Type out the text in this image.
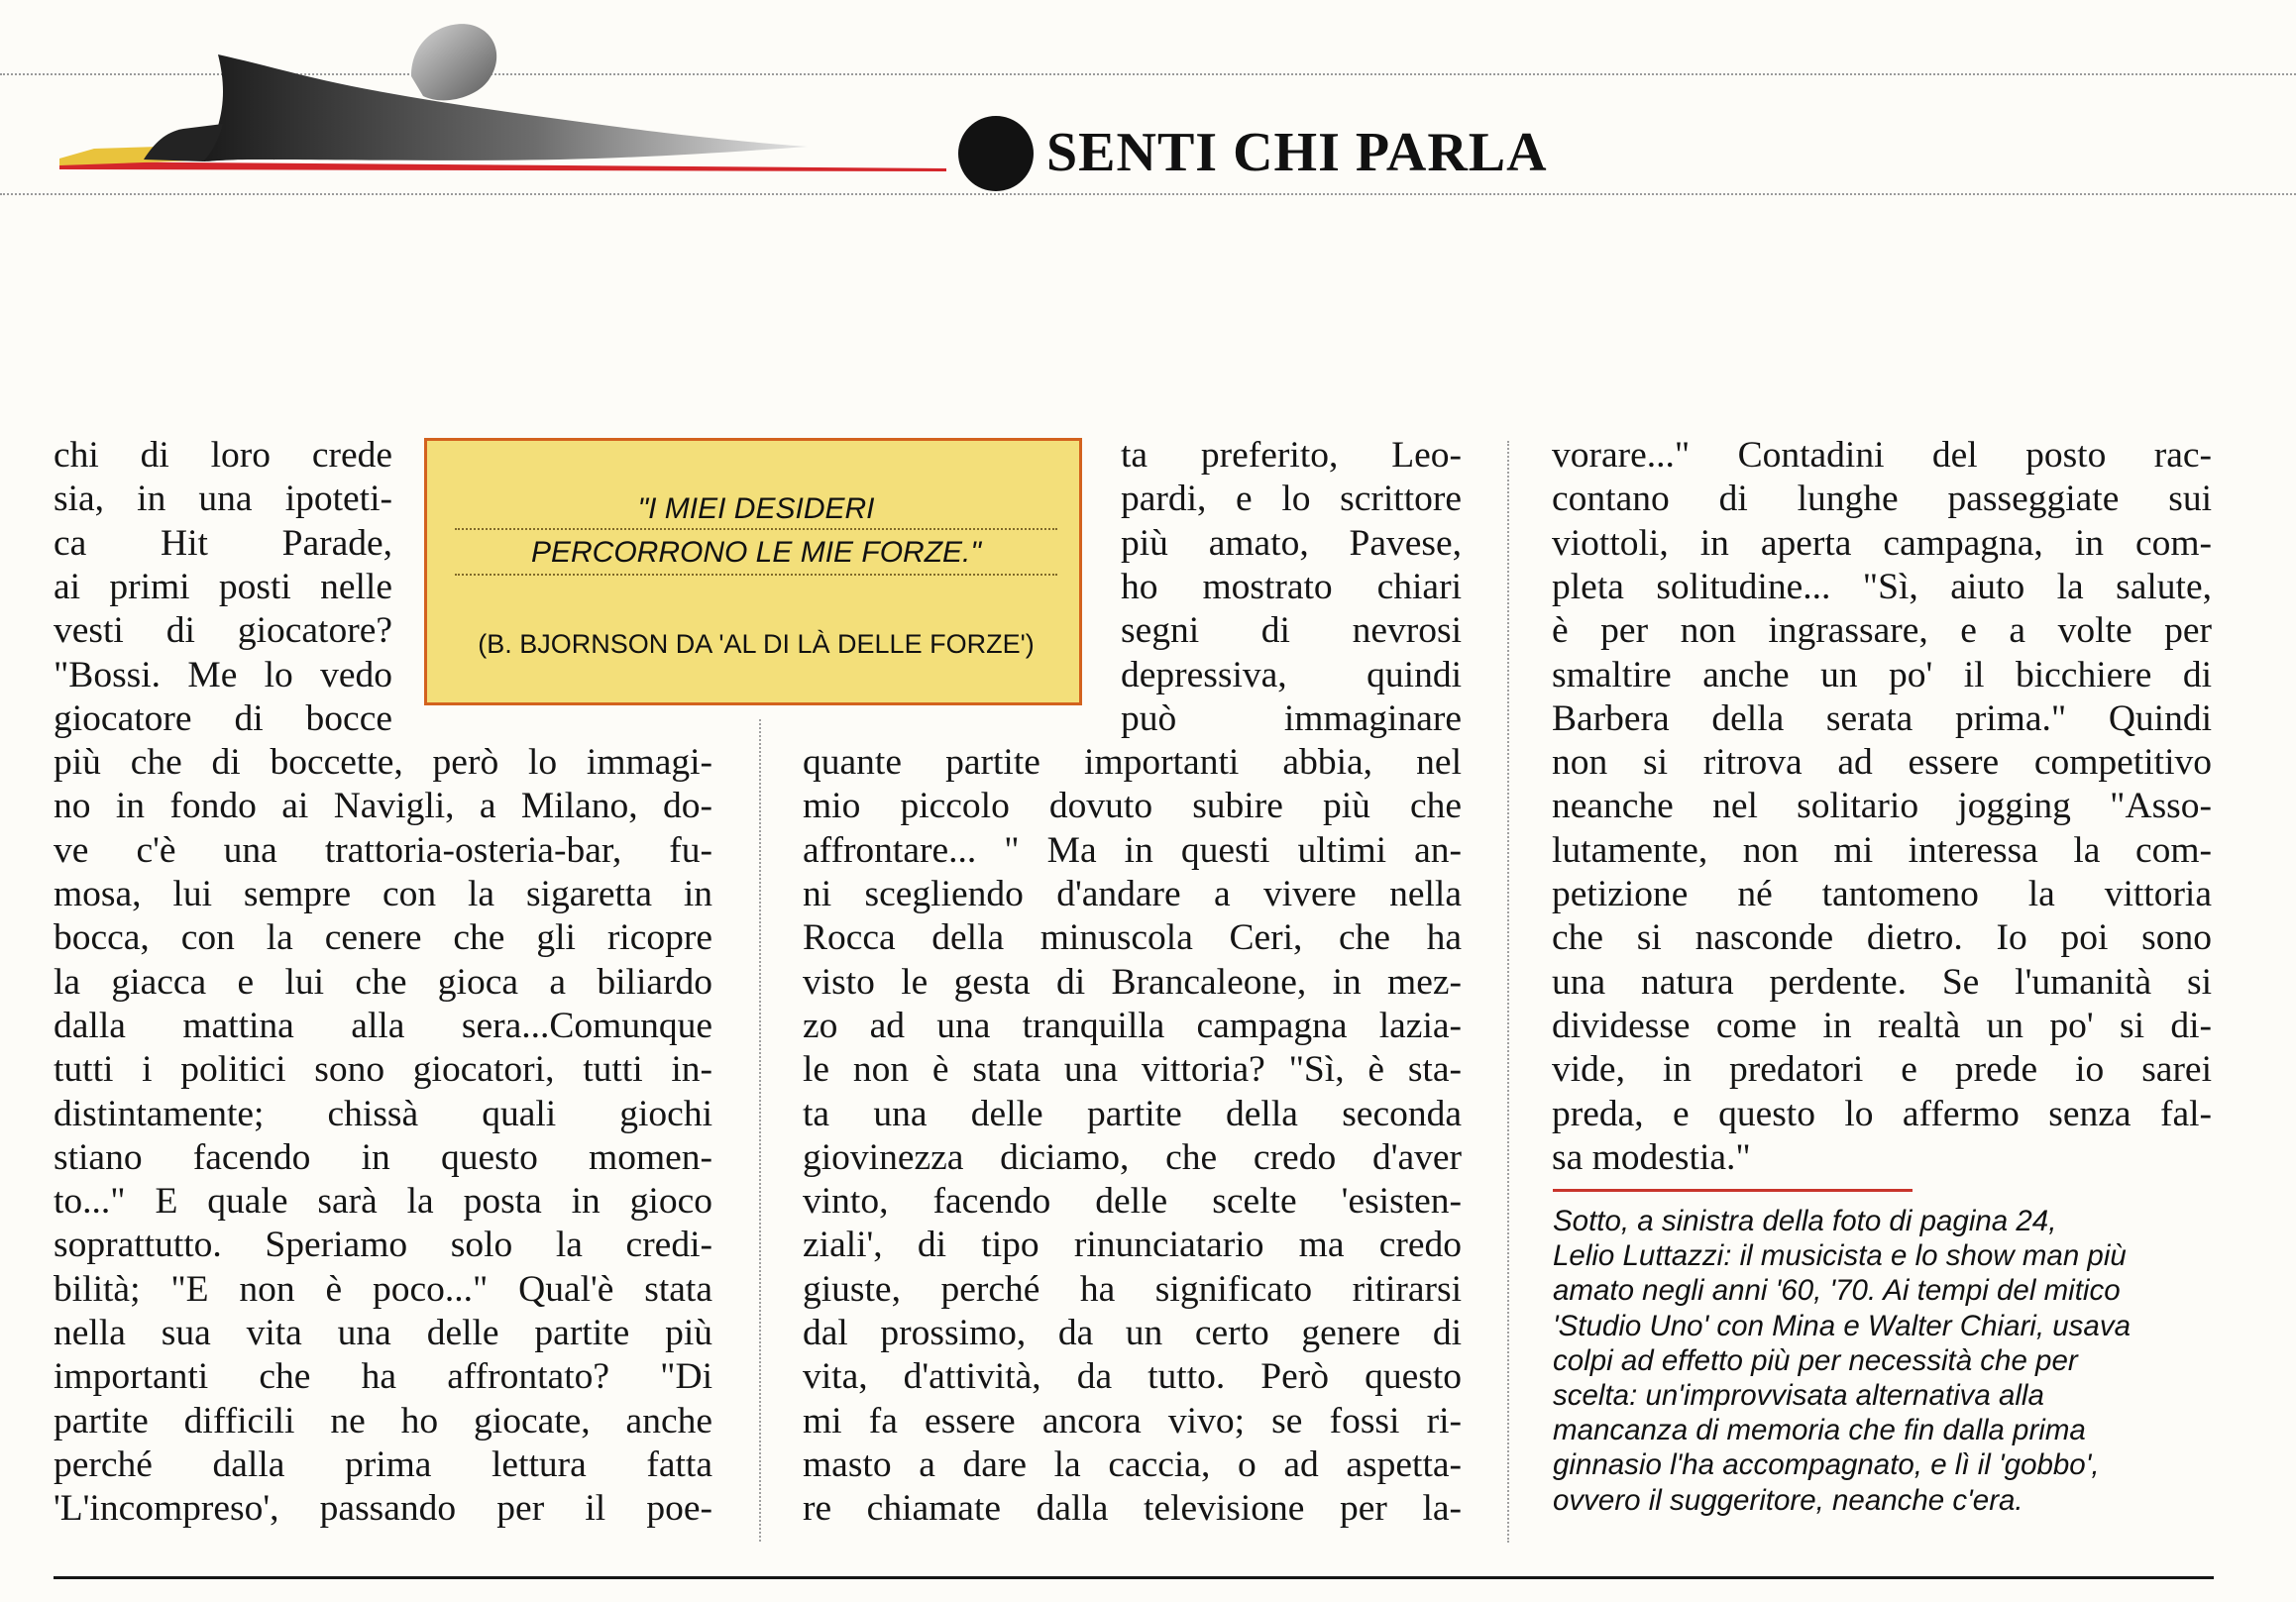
SENTI CHI PARLA
"I MIEI DESIDERI
PERCORRONO LE MIE FORZE."
(B. BJORNSON DA 'AL DI LÀ DELLE FORZE')
chi di loro crede
sia, in una ipoteti-
ca Hit Parade,
ai primi posti nelle
vesti di giocatore?
"Bossi. Me lo vedo
giocatore di bocce
più che di boccette, però lo immagi-
no in fondo ai Navigli, a Milano, do-
ve c'è una trattoria-osteria-bar, fu-
mosa, lui sempre con la sigaretta in
bocca, con la cenere che gli ricopre
la giacca e lui che gioca a biliardo
dalla mattina alla sera...Comunque
tutti i politici sono giocatori, tutti in-
distintamente; chissà quali giochi
stiano facendo in questo momen-
to..." E quale sarà la posta in gioco
soprattutto. Speriamo solo la credi-
bilità; "E non è poco..." Qual'è stata
nella sua vita una delle partite più
importanti che ha affrontato? "Di
partite difficili ne ho giocate, anche
perché dalla prima lettura fatta
'L'incompreso', passando per il poe-
ta preferito, Leo-
pardi, e lo scrittore
più amato, Pavese,
ho mostrato chiari
segni di nevrosi
depressiva, quindi
può immaginare
quante partite importanti abbia, nel
mio piccolo dovuto subire più che
affrontare... " Ma in questi ultimi an-
ni scegliendo d'andare a vivere nella
Rocca della minuscola Ceri, che ha
visto le gesta di Brancaleone, in mez-
zo ad una tranquilla campagna lazia-
le non è stata una vittoria? "Sì, è sta-
ta una delle partite della seconda
giovinezza diciamo, che credo d'aver
vinto, facendo delle scelte 'esisten-
ziali', di tipo rinunciatario ma credo
giuste, perché ha significato ritirarsi
dal prossimo, da un certo genere di
vita, d'attività, da tutto. Però questo
mi fa essere ancora vivo; se fossi ri-
masto a dare la caccia, o ad aspetta-
re chiamate dalla televisione per la-
vorare..." Contadini del posto rac-
contano di lunghe passeggiate sui
viottoli, in aperta campagna, in com-
pleta solitudine... "Sì, aiuto la salute,
è per non ingrassare, e a volte per
smaltire anche un po' il bicchiere di
Barbera della serata prima." Quindi
non si ritrova ad essere competitivo
neanche nel solitario jogging "Asso-
lutamente, non mi interessa la com-
petizione né tantomeno la vittoria
che si nasconde dietro. Io poi sono
una natura perdente. Se l'umanità si
dividesse come in realtà un po' si di-
vide, in predatori e prede io sarei
preda, e questo lo affermo senza fal-
sa modestia."
Sotto, a sinistra della foto di pagina 24,
Lelio Luttazzi: il musicista e lo show man più
amato negli anni '60, '70. Ai tempi del mitico
'Studio Uno' con Mina e Walter Chiari, usava
colpi ad effetto più per necessità che per
scelta: un'improvvisata alternativa alla
mancanza di memoria che fin dalla prima
ginnasio l'ha accompagnato, e lì il 'gobbo',
ovvero il suggeritore, neanche c'era.
